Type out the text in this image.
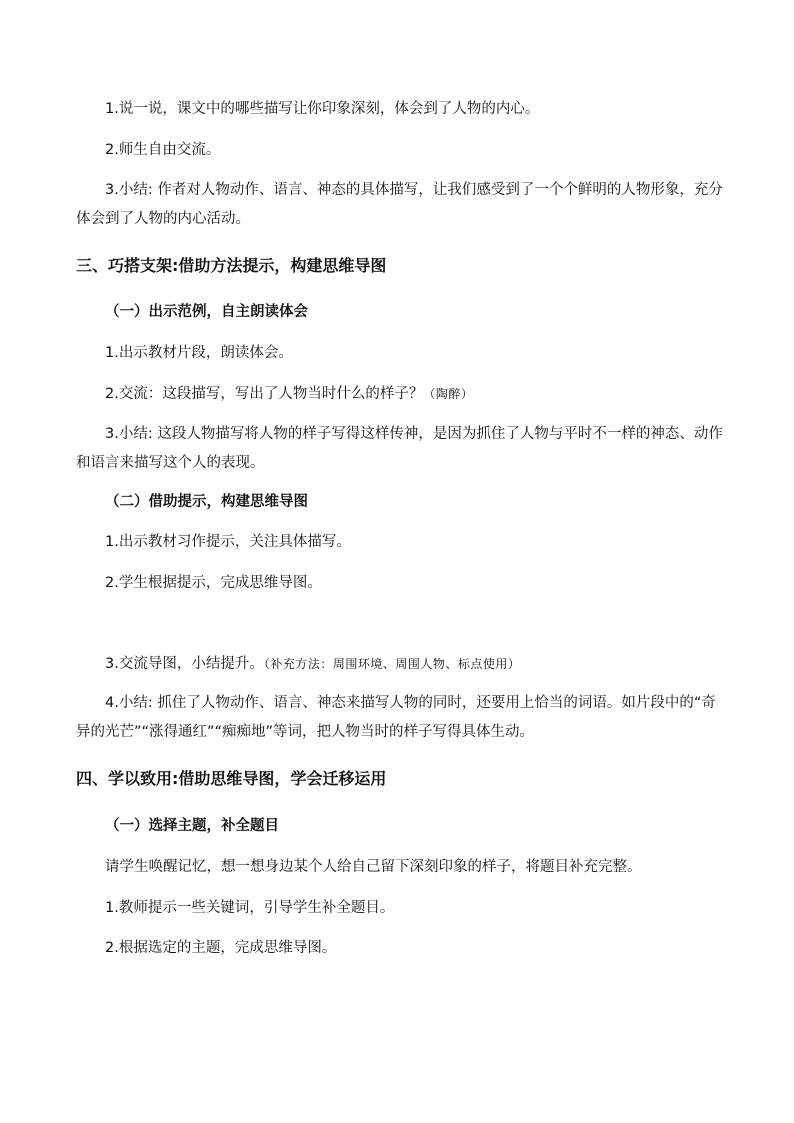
1.说一说，课文中的哪些描写让你印象深刻，体会到了人物的内心。
2.师生自由交流。
3.小结: 作者对人物动作、语言、神态的具体描写，让我们感受到了一个个鲜明的人物形象，充分体会到了人物的内心活动。
三、巧搭支架:借助方法提示，构建思维导图
（一）出示范例，自主朗读体会
1.出示教材片段，朗读体会。
2.交流：这段描写，写出了人物当时什么的样子？（陶醉）
3.小结: 这段人物描写将人物的样子写得这样传神，是因为抓住了人物与平时不一样的神态、动作和语言来描写这个人的表现。
（二）借助提示，构建思维导图
1.出示教材习作提示，关注具体描写。
2.学生根据提示，完成思维导图。
3.交流导图，小结提升。（补充方法：周围环境、周围人物、标点使用）
4.小结: 抓住了人物动作、语言、神态来描写人物的同时，还要用上恰当的词语。如片段中的“奇异的光芒”“涨得通红”“痴痴地”等词，把人物当时的样子写得具体生动。
四、学以致用:借助思维导图，学会迁移运用
（一）选择主题，补全题目
请学生唤醒记忆，想一想身边某个人给自己留下深刻印象的样子，将题目补充完整。
1.教师提示一些关键词，引导学生补全题目。
2.根据选定的主题，完成思维导图。
